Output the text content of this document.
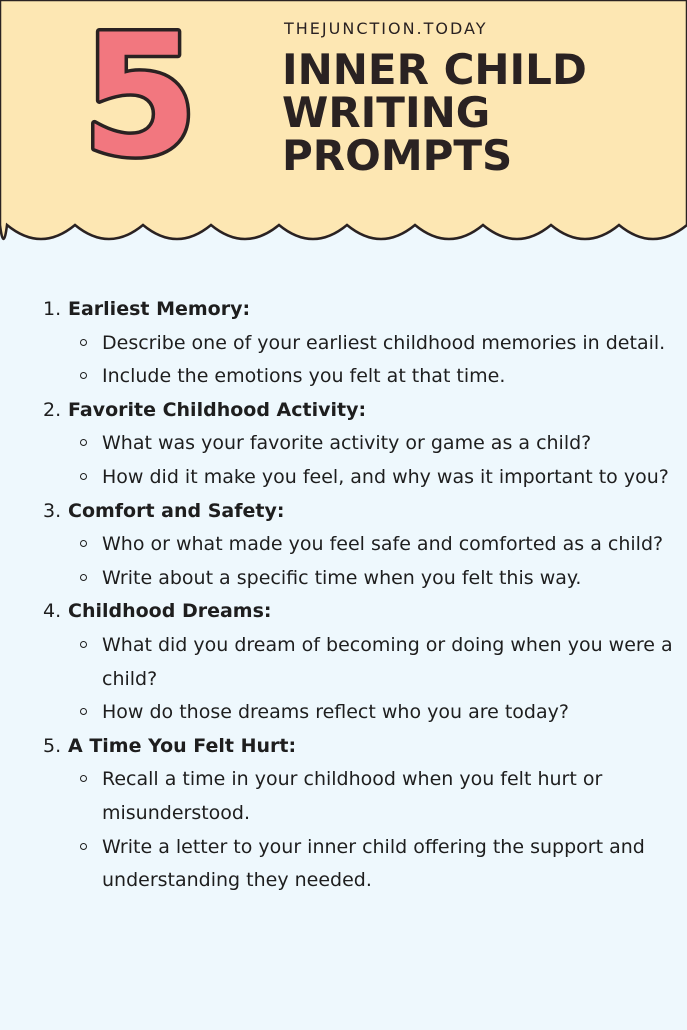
5	THEJUNCTION.TODAY
INNER CHILD
WRITING
PROMPTS
1. Earliest Memory:
Describe one of your earliest childhood memories in detail.
Include the emotions you felt at that time.
2. Favorite Childhood Activity:
What was your favorite activity or game as a child?
How did it make you feel, and why was it important to you?
3. Comfort and Safety:
Who or what made you feel safe and comforted as a child?
Write about a specific time when you felt this way.
4. Childhood Dreams:
What did you dream of becoming or doing when you were a child?
How do those dreams reflect who you are today?
5. A Time You Felt Hurt:
Recall a time in your childhood when you felt hurt or misunderstood.
Write a letter to your inner child offering the support and understanding they needed.
